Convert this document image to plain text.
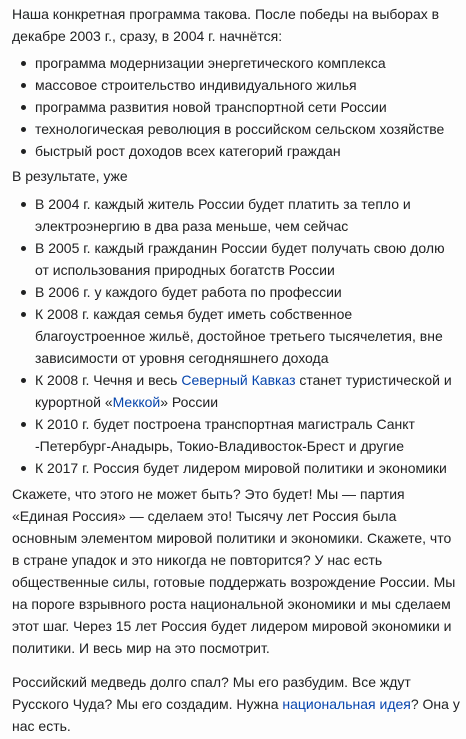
Наша конкретная программа такова. После победы на выборах в декабре 2003 г., сразу, в 2004 г. начнётся:

программа модернизации энергетического комплекса
массовое строительство индивидуального жилья
программа развития новой транспортной сети России
технологическая революция в российском сельском хозяйстве
быстрый рост доходов всех категорий граждан

В результате, уже

В 2004 г. каждый житель России будет платить за тепло и электроэнергию в два раза меньше, чем сейчас
В 2005 г. каждый гражданин России будет получать свою долю от использования природных богатств России
В 2006 г. у каждого будет работа по профессии
К 2008 г. каждая семья будет иметь собственное благоустроенное жильё, достойное третьего тысячелетия, вне зависимости от уровня сегодняшнего дохода
К 2008 г. Чечня и весь Северный Кавказ станет туристической и курортной «Меккой» России
К 2010 г. будет построена транспортная магистраль Санкт -Петербург-Анадырь, Токио-Владивосток-Брест и другие
К 2017 г. Россия будет лидером мировой политики и экономики

Скажете, что этого не может быть? Это будет! Мы — партия «Единая Россия» — сделаем это! Тысячу лет Россия была основным элементом мировой политики и экономики. Скажете, что в стране упадок и это никогда не повторится? У нас есть общественные силы, готовые поддержать возрождение России. Мы на пороге взрывного роста национальной экономики и мы сделаем этот шаг. Через 15 лет Россия будет лидером мировой экономики и политики. И весь мир на это посмотрит.

Российский медведь долго спал? Мы его разбудим. Все ждут Русского Чуда? Мы его создадим. Нужна национальная идея? Она у нас есть.
